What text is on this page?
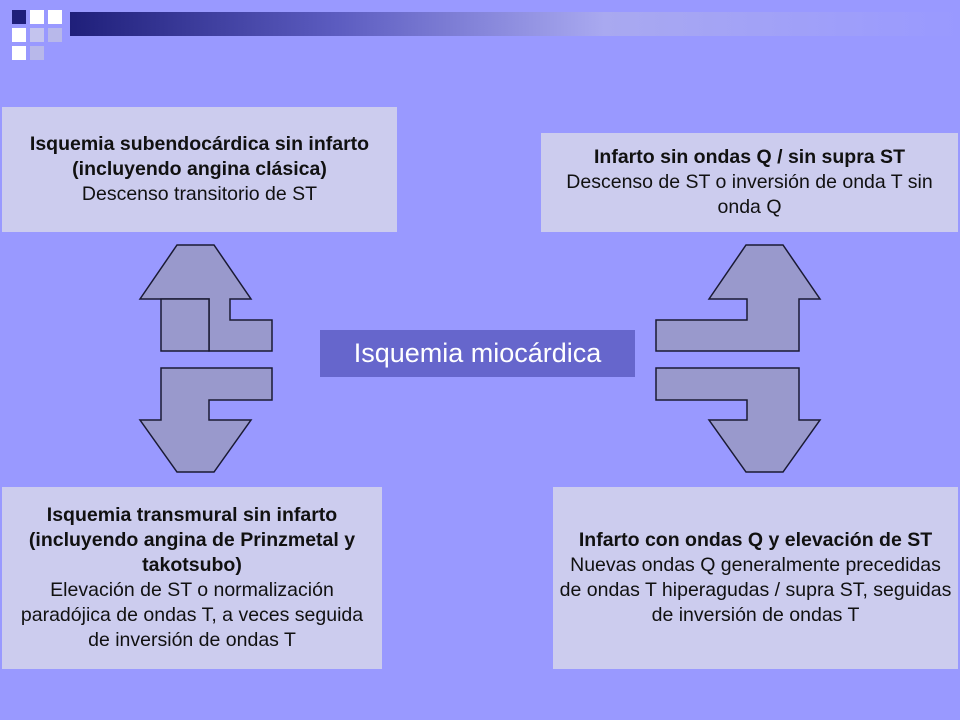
Isquemia subendocárdica sin infarto (incluyendo angina clásica)
Descenso transitorio de ST
Infarto sin ondas Q / sin supra ST
Descenso de ST o inversión de onda T sin onda Q
Isquemia miocárdica
Isquemia transmural sin infarto (incluyendo angina de Prinzmetal y takotsubo)
Elevación de ST o normalización paradójica de ondas T, a veces seguida de inversión de ondas T
Infarto con ondas Q y elevación de ST
Nuevas ondas Q generalmente precedidas de ondas T hiperagudas / supra ST, seguidas de inversión de ondas T
